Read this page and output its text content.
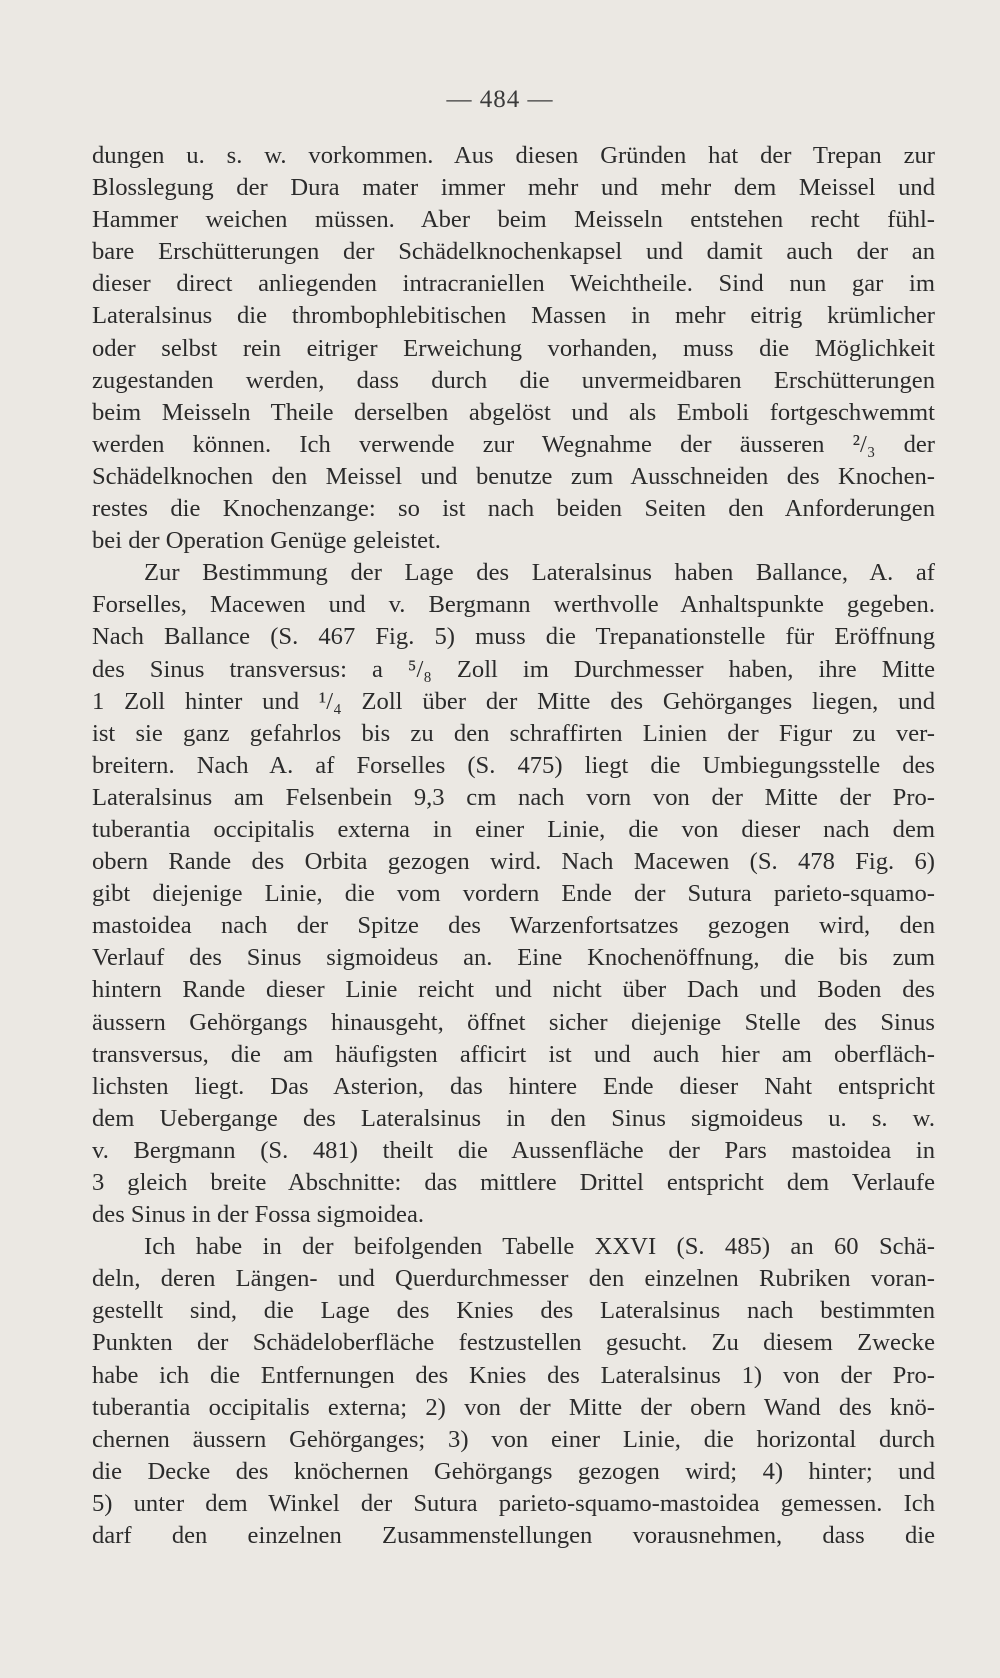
— 484 —
dungen u. s. w. vorkommen. Aus diesen Gründen hat der Trepan zur
Blosslegung der Dura mater immer mehr und mehr dem Meissel und
Hammer weichen müssen. Aber beim Meisseln entstehen recht fühl-
bare Erschütterungen der Schädelknochenkapsel und damit auch der an
dieser direct anliegenden intracraniellen Weichtheile. Sind nun gar im
Lateralsinus die thrombophlebitischen Massen in mehr eitrig krümlicher
oder selbst rein eitriger Erweichung vorhanden, muss die Möglichkeit
zugestanden werden, dass durch die unvermeidbaren Erschütterungen
beim Meisseln Theile derselben abgelöst und als Emboli fortgeschwemmt
werden können. Ich verwende zur Wegnahme der äusseren ²/₃ der
Schädelknochen den Meissel und benutze zum Ausschneiden des Knochen-
restes die Knochenzange: so ist nach beiden Seiten den Anforderungen
bei der Operation Genüge geleistet.
Zur Bestimmung der Lage des Lateralsinus haben Ballance, A. af
Forselles, Macewen und v. Bergmann werthvolle Anhaltspunkte gegeben.
Nach Ballance (S. 467 Fig. 5) muss die Trepanationstelle für Eröffnung
des Sinus transversus: a ⁵/₈ Zoll im Durchmesser haben, ihre Mitte
1 Zoll hinter und ¹/₄ Zoll über der Mitte des Gehörganges liegen, und
ist sie ganz gefahrlos bis zu den schraffirten Linien der Figur zu ver-
breitern. Nach A. af Forselles (S. 475) liegt die Umbiegungsstelle des
Lateralsinus am Felsenbein 9,3 cm nach vorn von der Mitte der Pro-
tuberantia occipitalis externa in einer Linie, die von dieser nach dem
obern Rande des Orbita gezogen wird. Nach Macewen (S. 478 Fig. 6)
gibt diejenige Linie, die vom vordern Ende der Sutura parieto-squamo-
mastoidea nach der Spitze des Warzenfortsatzes gezogen wird, den
Verlauf des Sinus sigmoideus an. Eine Knochenöffnung, die bis zum
hintern Rande dieser Linie reicht und nicht über Dach und Boden des
äussern Gehörgangs hinausgeht, öffnet sicher diejenige Stelle des Sinus
transversus, die am häufigsten afficirt ist und auch hier am oberfläch-
lichsten liegt. Das Asterion, das hintere Ende dieser Naht entspricht
dem Uebergange des Lateralsinus in den Sinus sigmoideus u. s. w.
v. Bergmann (S. 481) theilt die Aussenfläche der Pars mastoidea in
3 gleich breite Abschnitte: das mittlere Drittel entspricht dem Verlaufe
des Sinus in der Fossa sigmoidea.
Ich habe in der beifolgenden Tabelle XXVI (S. 485) an 60 Schä-
deln, deren Längen- und Querdurchmesser den einzelnen Rubriken voran-
gestellt sind, die Lage des Knies des Lateralsinus nach bestimmten
Punkten der Schädeloberfläche festzustellen gesucht. Zu diesem Zwecke
habe ich die Entfernungen des Knies des Lateralsinus 1) von der Pro-
tuberantia occipitalis externa; 2) von der Mitte der obern Wand des knö-
chernen äussern Gehörganges; 3) von einer Linie, die horizontal durch
die Decke des knöchernen Gehörgangs gezogen wird; 4) hinter; und
5) unter dem Winkel der Sutura parieto-squamo-mastoidea gemessen. Ich
darf den einzelnen Zusammenstellungen vorausnehmen, dass die
